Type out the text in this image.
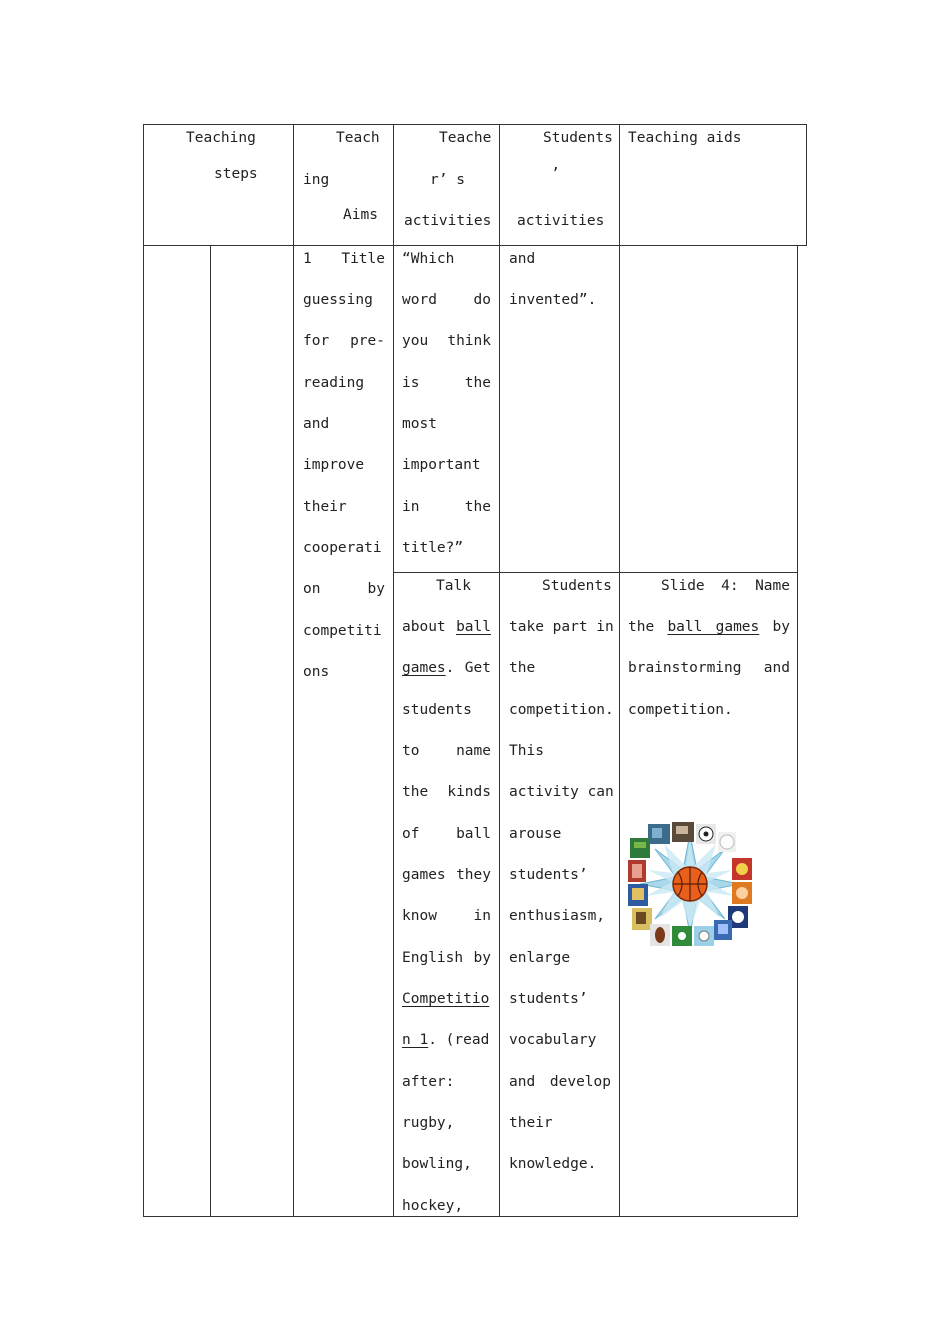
Teaching
steps
Teach
ing
Aims
Teache
r’ s
activities
Students
’
activities
Teaching aids
1 Title
guessing
for pre-
reading
and
improve
their
cooperati
on by
competiti
ons
“Which
word do
you think
is the
most
important
in the
title?”
and
invented”.
Talk
about ball
games. Get
students
to name
the kinds
of ball
games they
know in
English by
Competitio
n 1. (read
after:
rugby,
bowling,
hockey,
Students
take part in
the
competition.
This
activity can
arouse
students’
enthusiasm,
enlarge
students’
vocabulary
and develop
their
knowledge.
Slide 4: Name
the ball games by
brainstorming and
competition.
